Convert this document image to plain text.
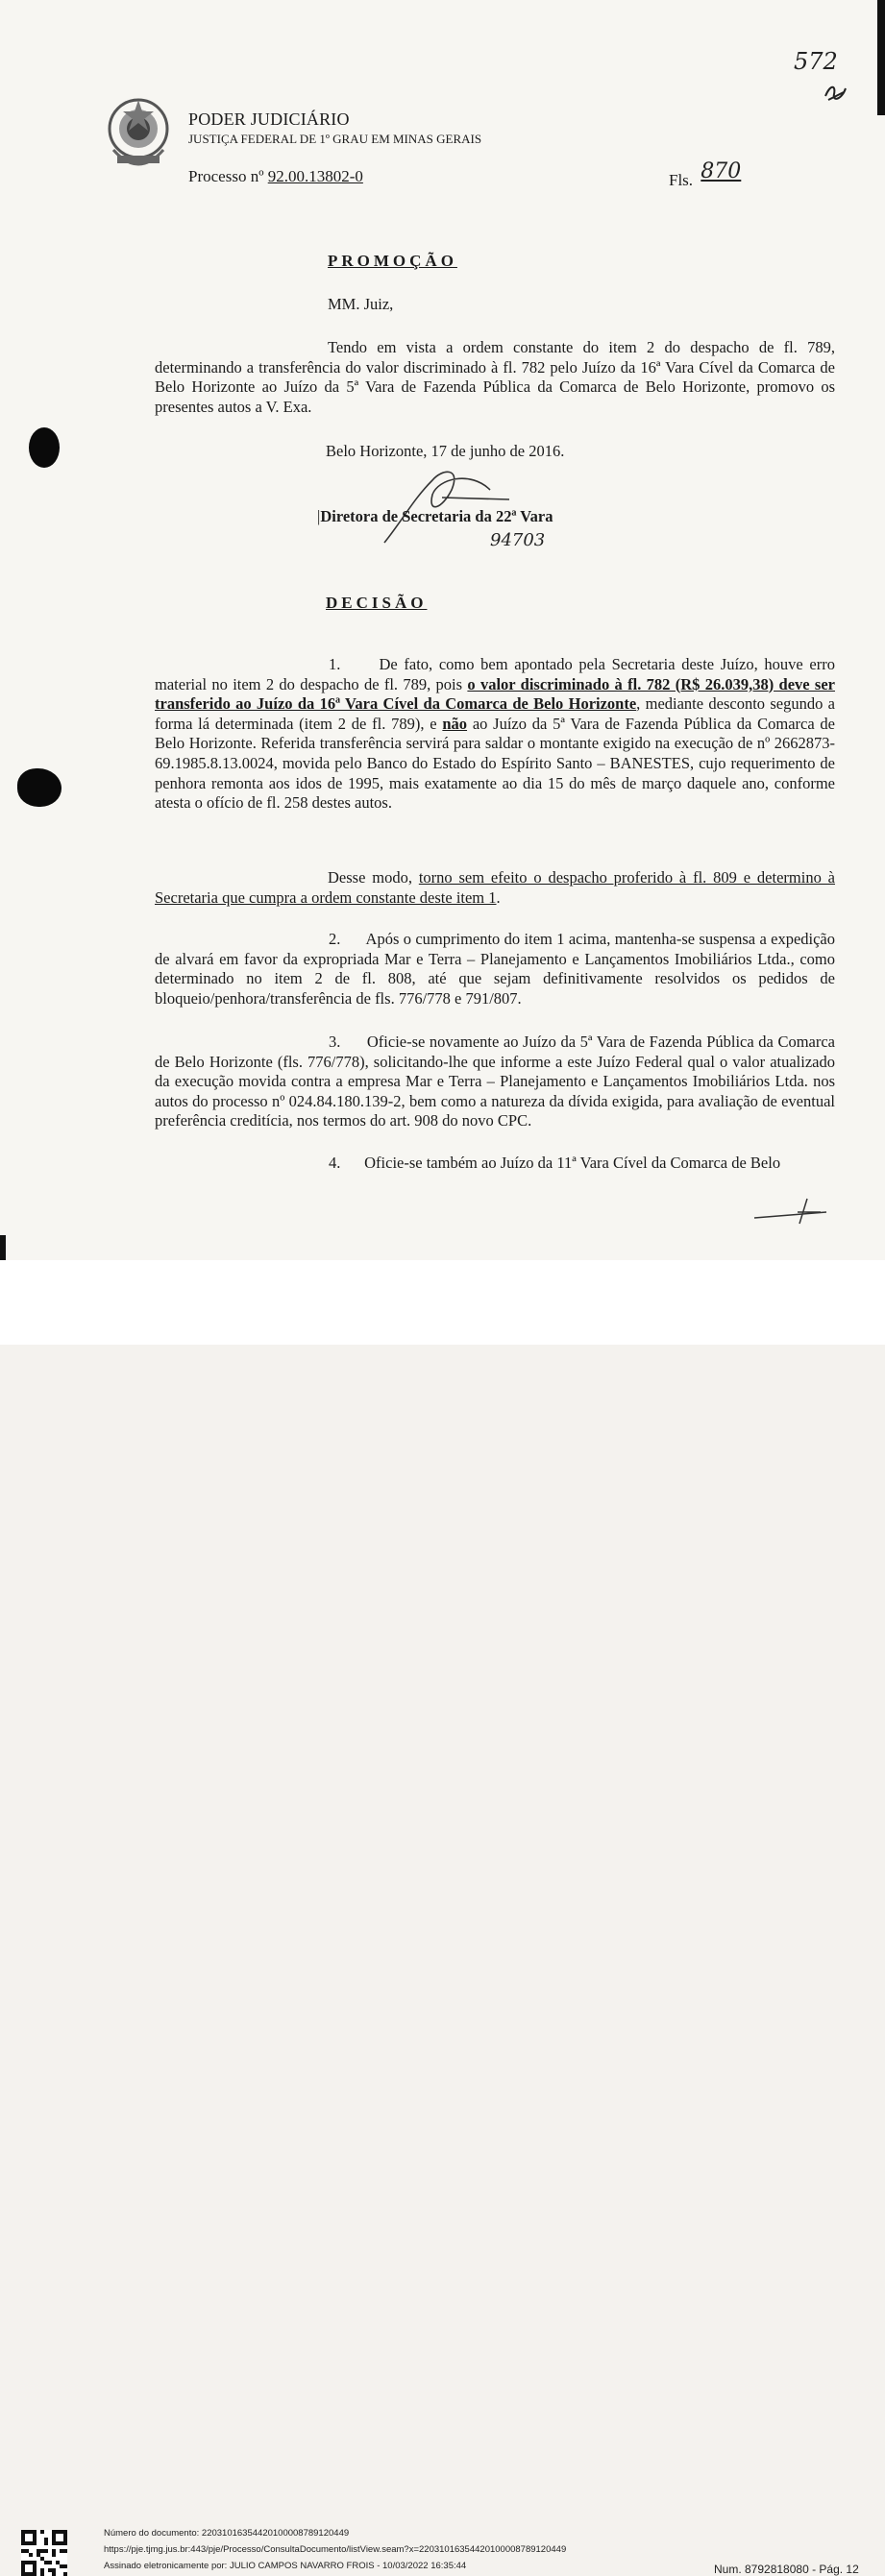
572
PODER JUDICIÁRIO
JUSTIÇA FEDERAL DE 1º GRAU EM MINAS GERAIS
Processo nº 92.00.13802-0	Fls. 870
PROMOÇÃO
MM. Juiz,
Tendo em vista a ordem constante do item 2 do despacho de fl. 789, determinando a transferência do valor discriminado à fl. 782 pelo Juízo da 16ª Vara Cível da Comarca de Belo Horizonte ao Juízo da 5ª Vara de Fazenda Pública da Comarca de Belo Horizonte, promovo os presentes autos a V. Exa.
Belo Horizonte, 17 de junho de 2016.
|Diretora de Secretaria da 22ª Vara
94703
DECISÃO
1. De fato, como bem apontado pela Secretaria deste Juízo, houve erro material no item 2 do despacho de fl. 789, pois o valor discriminado à fl. 782 (R$ 26.039,38) deve ser transferido ao Juízo da 16ª Vara Cível da Comarca de Belo Horizonte, mediante desconto segundo a forma lá determinada (item 2 de fl. 789), e não ao Juízo da 5ª Vara de Fazenda Pública da Comarca de Belo Horizonte. Referida transferência servirá para saldar o montante exigido na execução de nº 2662873-69.1985.8.13.0024, movida pelo Banco do Estado do Espírito Santo – BANESTES, cujo requerimento de penhora remonta aos idos de 1995, mais exatamente ao dia 15 do mês de março daquele ano, conforme atesta o ofício de fl. 258 destes autos.
Desse modo, torno sem efeito o despacho proferido à fl. 809 e determino à Secretaria que cumpra a ordem constante deste item 1.
2. Após o cumprimento do item 1 acima, mantenha-se suspensa a expedição de alvará em favor da expropriada Mar e Terra – Planejamento e Lançamentos Imobiliários Ltda., como determinado no item 2 de fl. 808, até que sejam definitivamente resolvidos os pedidos de bloqueio/penhora/transferência de fls. 776/778 e 791/807.
3. Oficie-se novamente ao Juízo da 5ª Vara de Fazenda Pública da Comarca de Belo Horizonte (fls. 776/778), solicitando-lhe que informe a este Juízo Federal qual o valor atualizado da execução movida contra a empresa Mar e Terra – Planejamento e Lançamentos Imobiliários Ltda. nos autos do processo nº 024.84.180.139-2, bem como a natureza da dívida exigida, para avaliação de eventual preferência creditícia, nos termos do art. 908 do novo CPC.
4. Oficie-se também ao Juízo da 11ª Vara Cível da Comarca de Belo
Número do documento: 22031016354420100008789120449
https://pje.tjmg.jus.br:443/pje/Processo/ConsultaDocumento/listView.seam?x=22031016354420100008789120449
Assinado eletronicamente por: JULIO CAMPOS NAVARRO FROIS - 10/03/2022 16:35:44	Num. 8792818080 - Pág. 12
